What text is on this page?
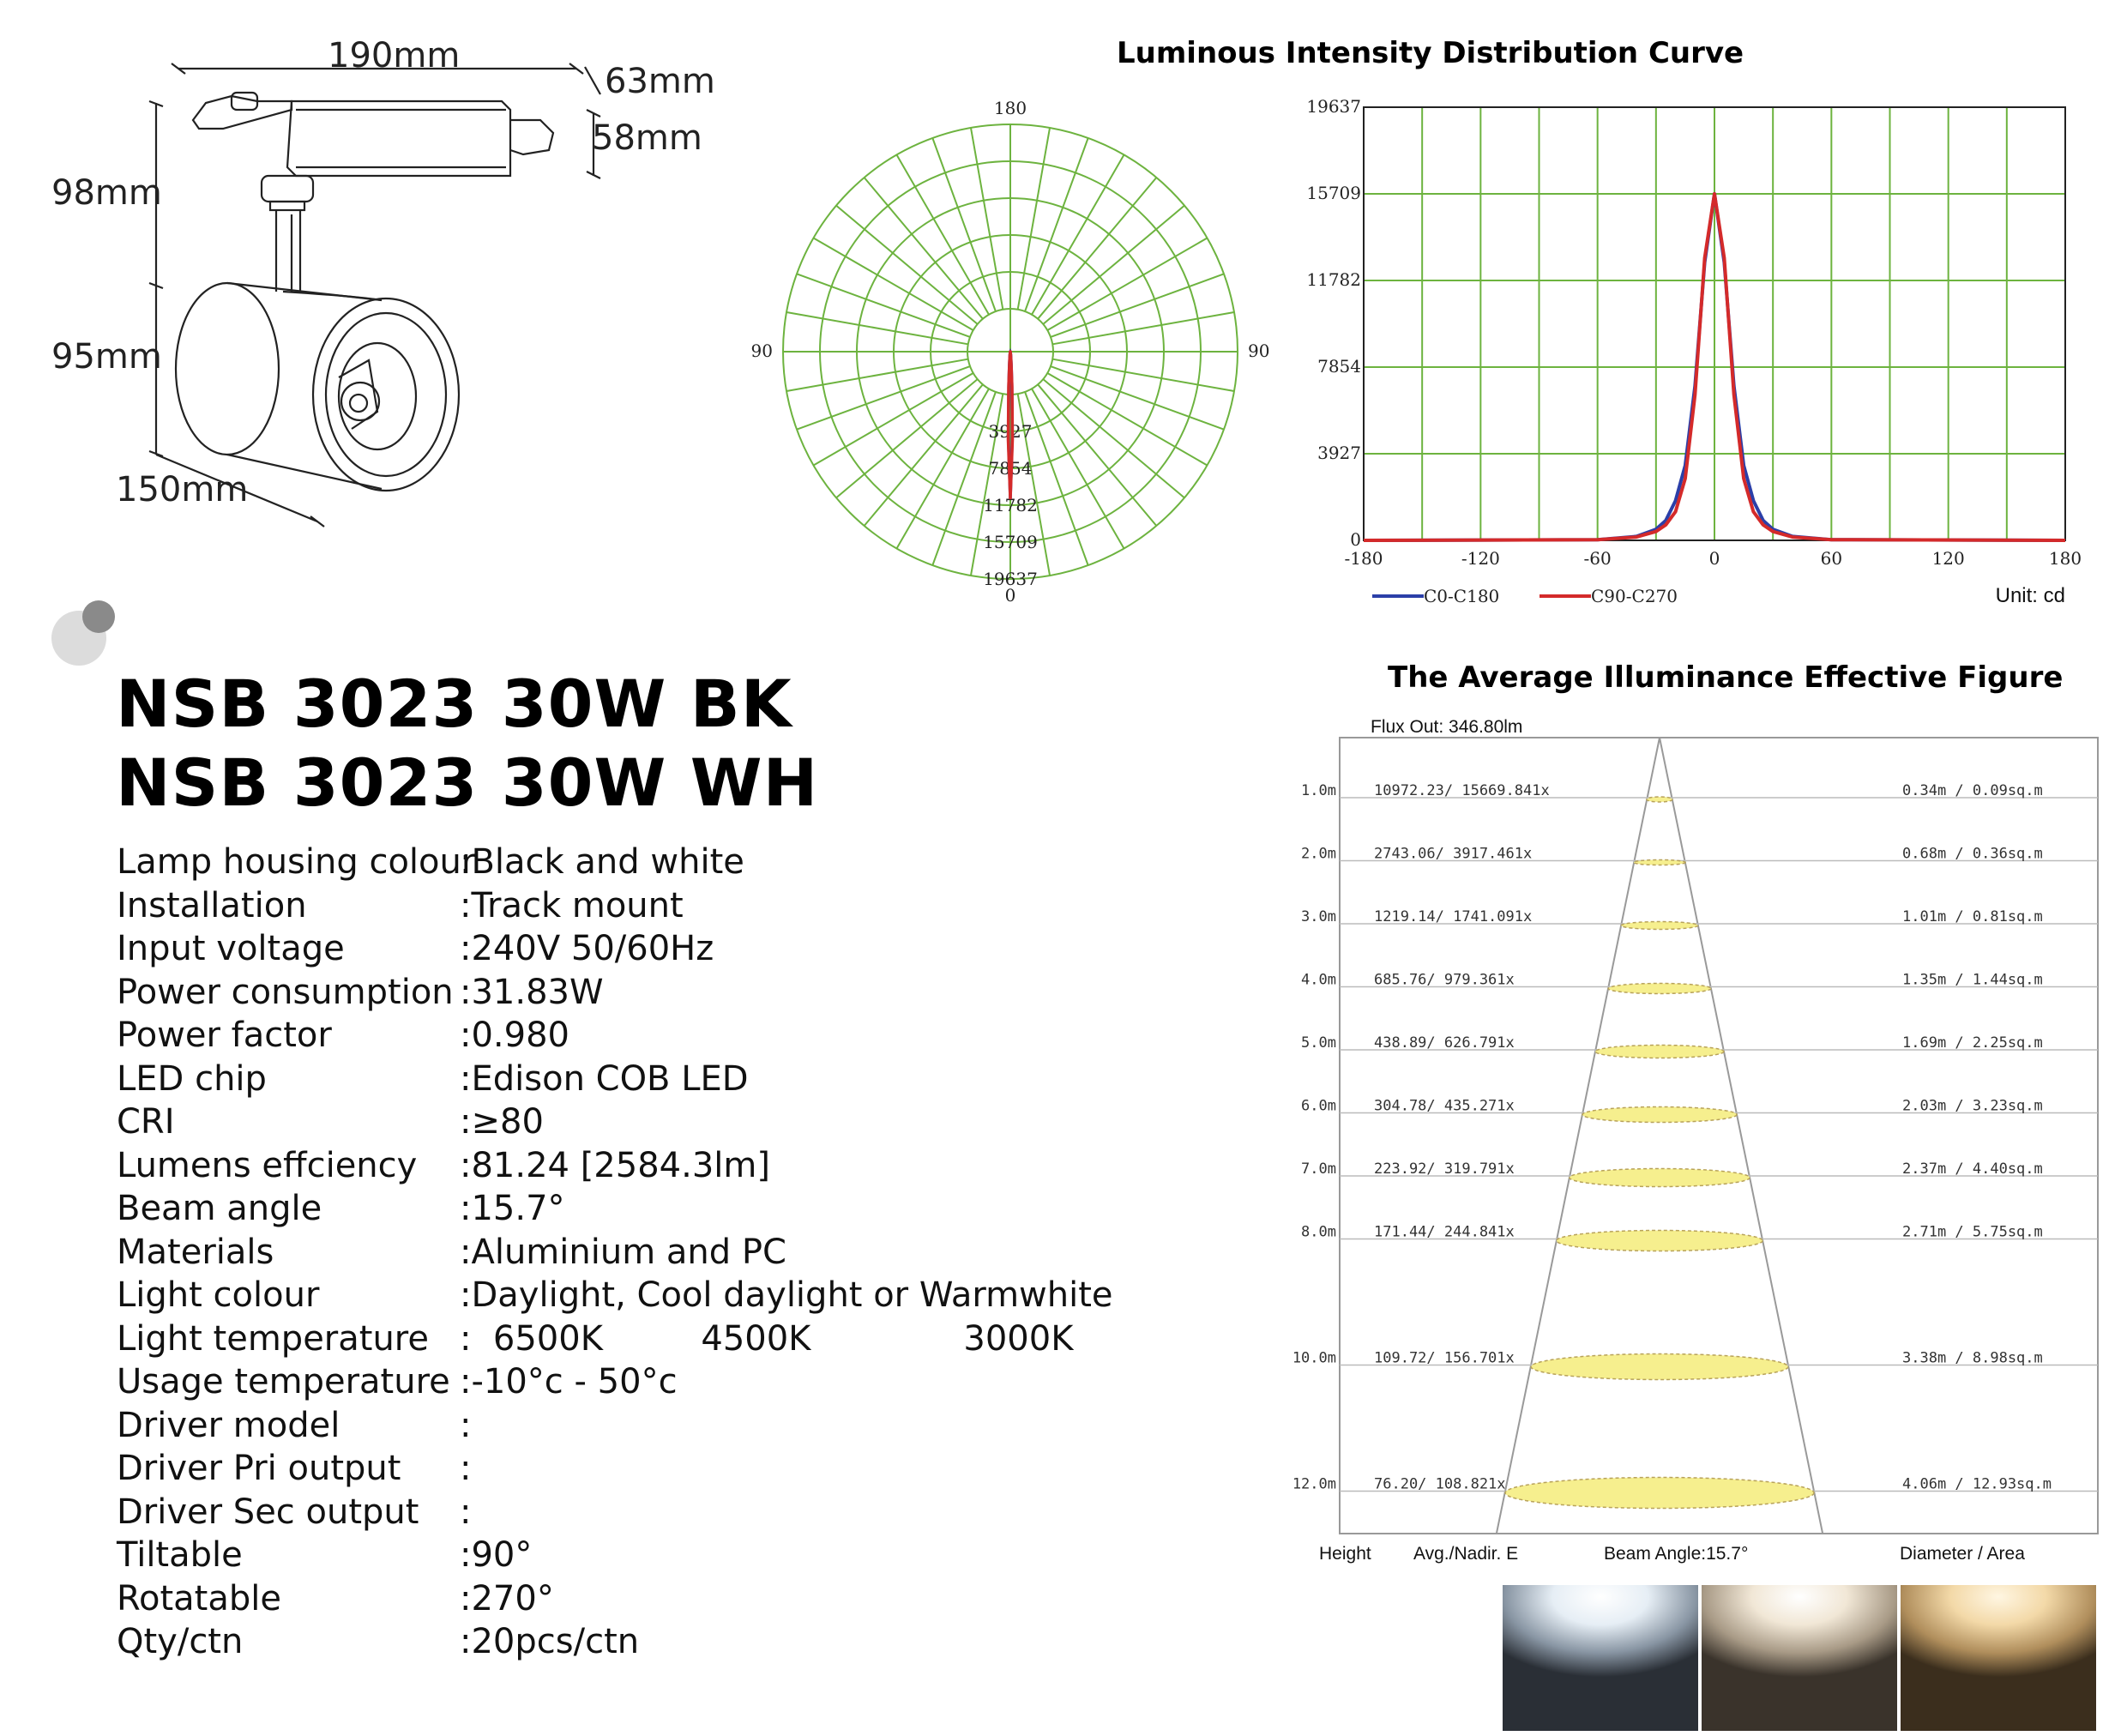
190mm
63mm
58mm
98mm
95mm
150mm
NSB 3023 30W BK
NSB 3023 30W WH
Lamp housing colour
:Black and white
Installation	:Track mount
Input voltage	:240V 50/60Hz
Power consumption :31.83W
Power factor	:0.980
LED chip	:Edison COB LED
CRI	:≥80
Lumens effciency :81.24 [2584.3lm]
Beam angle	:15.7°
Materials	:Aluminium and PC
Light colour	:Daylight, Cool daylight or Warmwhite
Light temperature :  6500K         4500K              3000K
Usage temperature :-10°c - 50°c
Driver model	:
Driver Pri output :
Driver Sec output :
Tiltable	:90°
Rotatable	:270°
Qty/ctn	:20pcs/ctn
Luminous Intensity Distribution Curve
180
90	90
0
3927
7854
11782
15709
19637
-180	-120	-60	0	60	120	180
0
3927
7854
11782
15709
19637
C0-C180	C90-C270	Unit: cd
The Average Illuminance Effective Figure
Flux Out: 346.80lm
1.0m	10972.23/ 15669.841x	0.34m / 0.09sq.m
2.0m	2743.06/ 3917.461x	0.68m / 0.36sq.m
3.0m	1219.14/ 1741.091x	1.01m / 0.81sq.m
4.0m	685.76/ 979.361x	1.35m / 1.44sq.m
5.0m	438.89/ 626.791x	1.69m / 2.25sq.m
6.0m	304.78/ 435.271x	2.03m / 3.23sq.m
7.0m	223.92/ 319.791x	2.37m / 4.40sq.m
8.0m	171.44/ 244.841x	2.71m / 5.75sq.m
10.0m	109.72/ 156.701x	3.38m / 8.98sq.m
12.0m	76.20/ 108.821x	4.06m / 12.93sq.m
Height Avg./Nadir. E	Beam Angle:15.7°	Diameter / Area
